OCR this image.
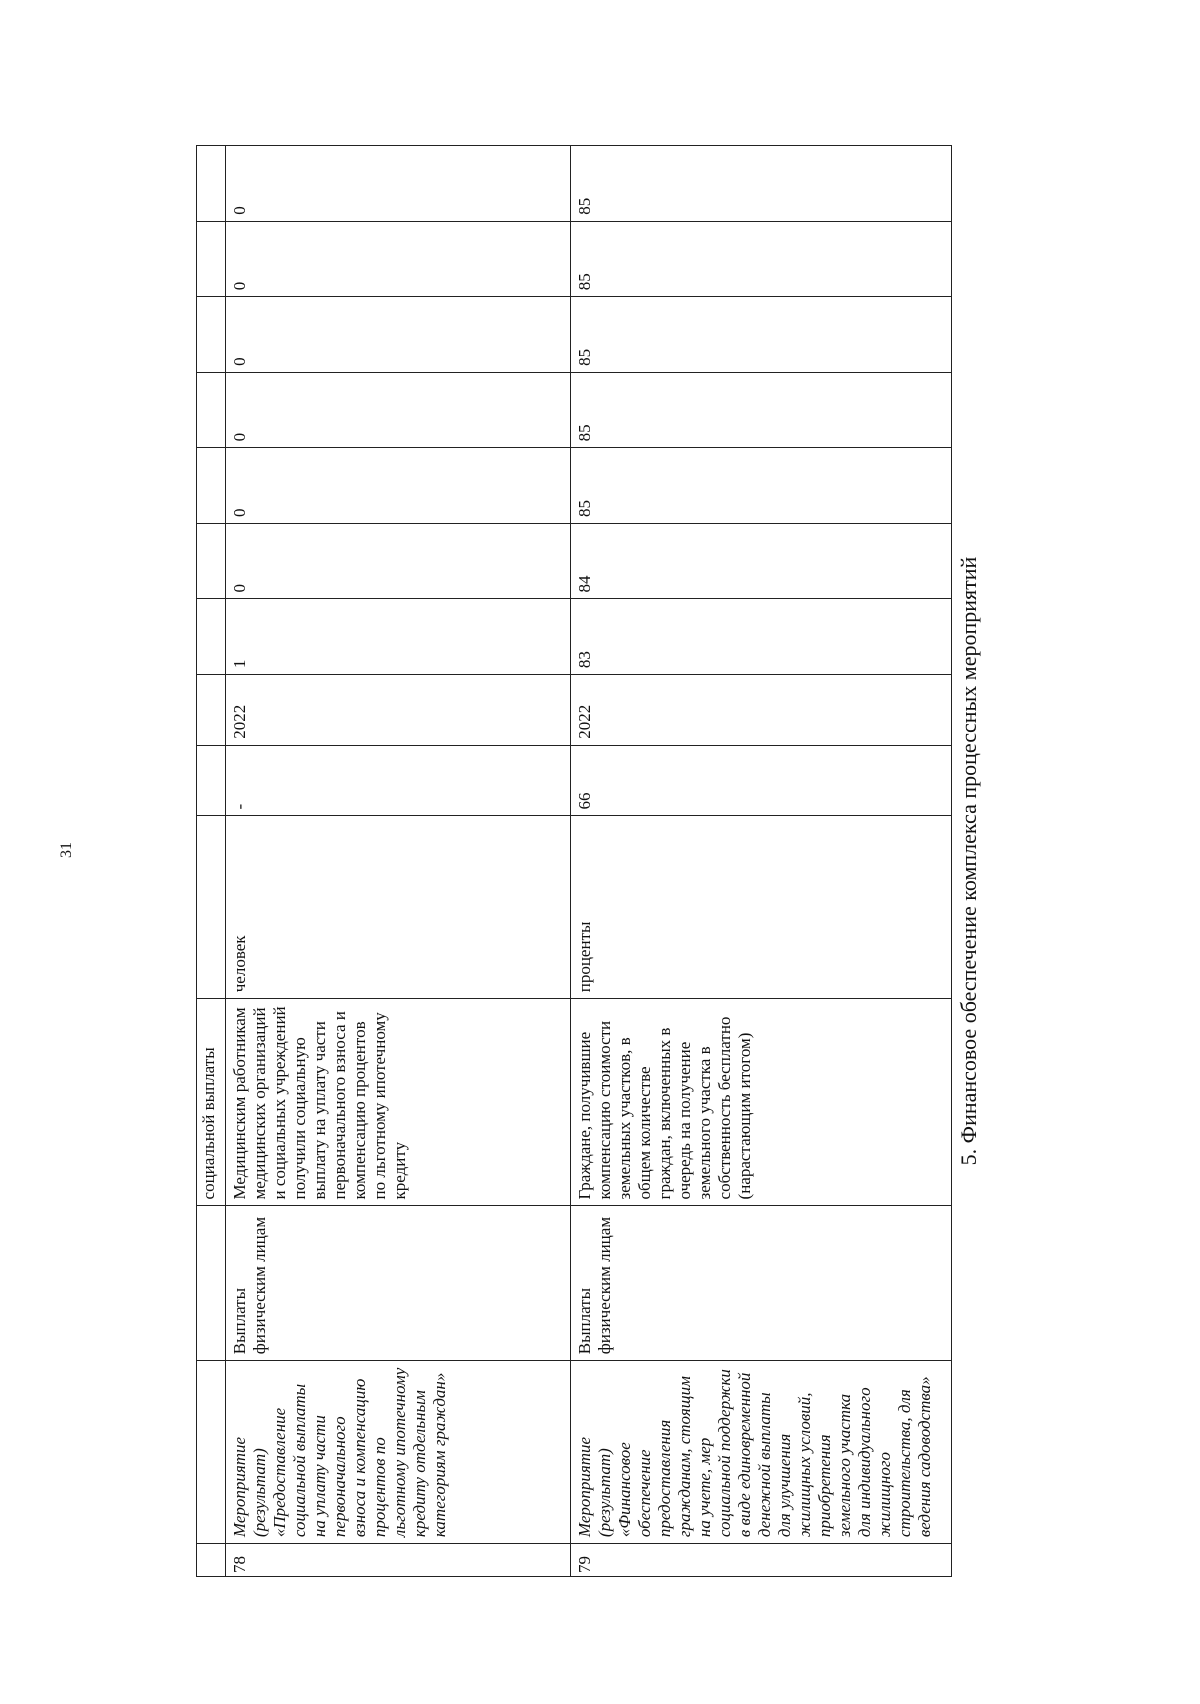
31
			социальной выплаты										
78	Мероприятие (результат) «Предоставление социальной выплаты на уплату части первоначального взноса и компенсацию процентов по льготному ипотечному кредиту отдельным категориям граждан»	Выплаты физическим лицам	Медицинским работникам медицинских организаций и социальных учреждений получили социальную выплату на уплату части первоначального взноса и компенсацию процентов по льготному ипотечному кредиту	человек	-	2022	1	0	0	0	0	0	0
79	Мероприятие (результат) «Финансовое обеспечение предоставления гражданам, стоящим на учете, мер социальной поддержки в виде единовременной денежной выплаты для улучшения жилищных условий, приобретения земельного участка для индивидуального жилищного строительства, для ведения садоводства»	Выплаты физическим лицам	Граждане, получившие компенсацию стоимости земельных участков, в общем количестве граждан, включенных в очередь на получение земельного участка в собственность бесплатно (нарастающим итогом)	проценты	66	2022	83	84	85	85	85	85	85
5. Финансовое обеспечение комплекса процессных мероприятий
